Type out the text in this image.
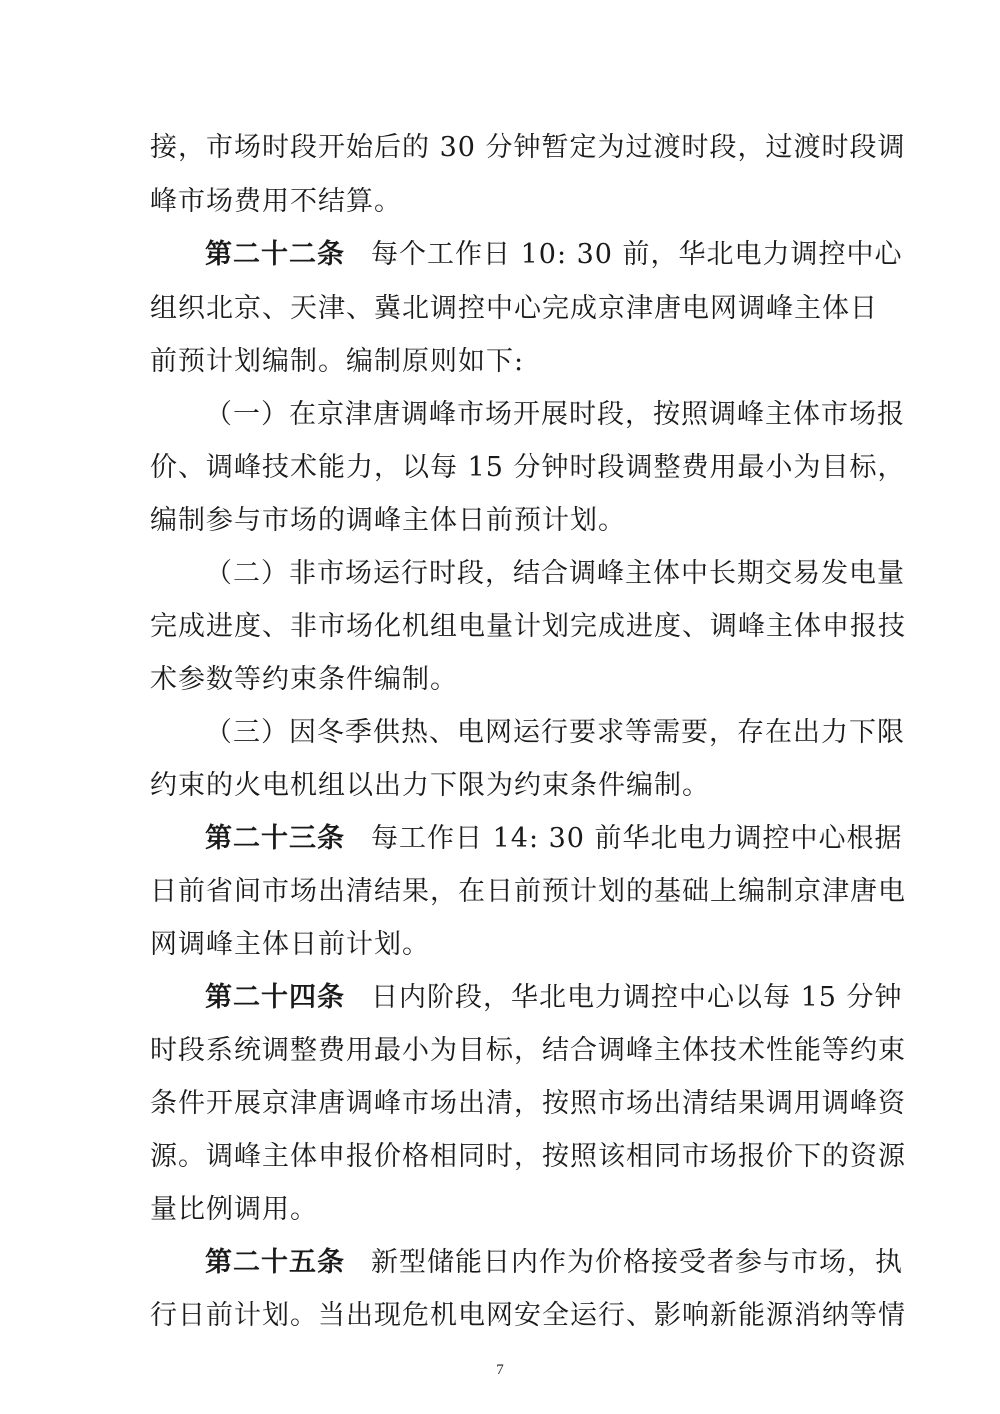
接，市场时段开始后的 30 分钟暂定为过渡时段，过渡时段调
峰市场费用不结算。
第二十二条 每个工作日 10: 30 前，华北电力调控中心
组织北京、天津、冀北调控中心完成京津唐电网调峰主体日
前预计划编制。编制原则如下:
（一）在京津唐调峰市场开展时段，按照调峰主体市场报
价、调峰技术能力，以每 15 分钟时段调整费用最小为目标，
编制参与市场的调峰主体日前预计划。
（二）非市场运行时段，结合调峰主体中长期交易发电量
完成进度、非市场化机组电量计划完成进度、调峰主体申报技
术参数等约束条件编制。
（三）因冬季供热、电网运行要求等需要，存在出力下限
约束的火电机组以出力下限为约束条件编制。
第二十三条 每工作日 14: 30 前华北电力调控中心根据
日前省间市场出清结果，在日前预计划的基础上编制京津唐电
网调峰主体日前计划。
第二十四条 日内阶段，华北电力调控中心以每 15 分钟
时段系统调整费用最小为目标，结合调峰主体技术性能等约束
条件开展京津唐调峰市场出清，按照市场出清结果调用调峰资
源。调峰主体申报价格相同时，按照该相同市场报价下的资源
量比例调用。
第二十五条 新型储能日内作为价格接受者参与市场，执
行日前计划。当出现危机电网安全运行、影响新能源消纳等情
7
